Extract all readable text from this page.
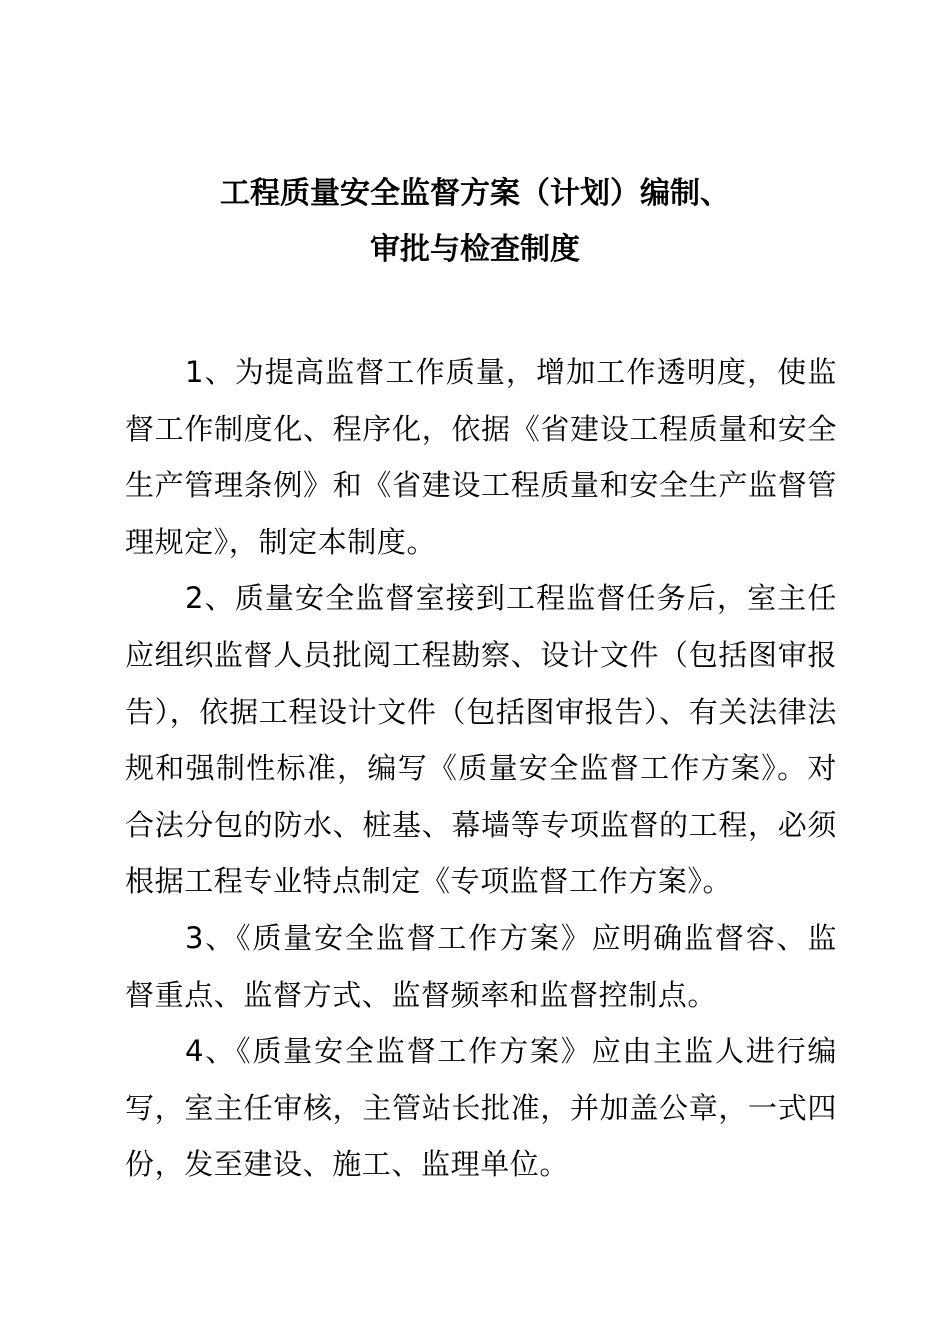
工程质量安全监督方案（计划）编制、
审批与检查制度

1、为提高监督工作质量，增加工作透明度，使监督工作制度化、程序化，依据《省建设工程质量和安全生产管理条例》和《省建设工程质量和安全生产监督管理规定》，制定本制度。

2、质量安全监督室接到工程监督任务后，室主任应组织监督人员批阅工程勘察、设计文件（包括图审报告），依据工程设计文件（包括图审报告）、有关法律法规和强制性标准，编写《质量安全监督工作方案》。对合法分包的防水、桩基、幕墙等专项监督的工程，必须根据工程专业特点制定《专项监督工作方案》。

3、《质量安全监督工作方案》应明确监督容、监督重点、监督方式、监督频率和监督控制点。

4、《质量安全监督工作方案》应由主监人进行编写，室主任审核，主管站长批准，并加盖公章，一式四份，发至建设、施工、监理单位。
